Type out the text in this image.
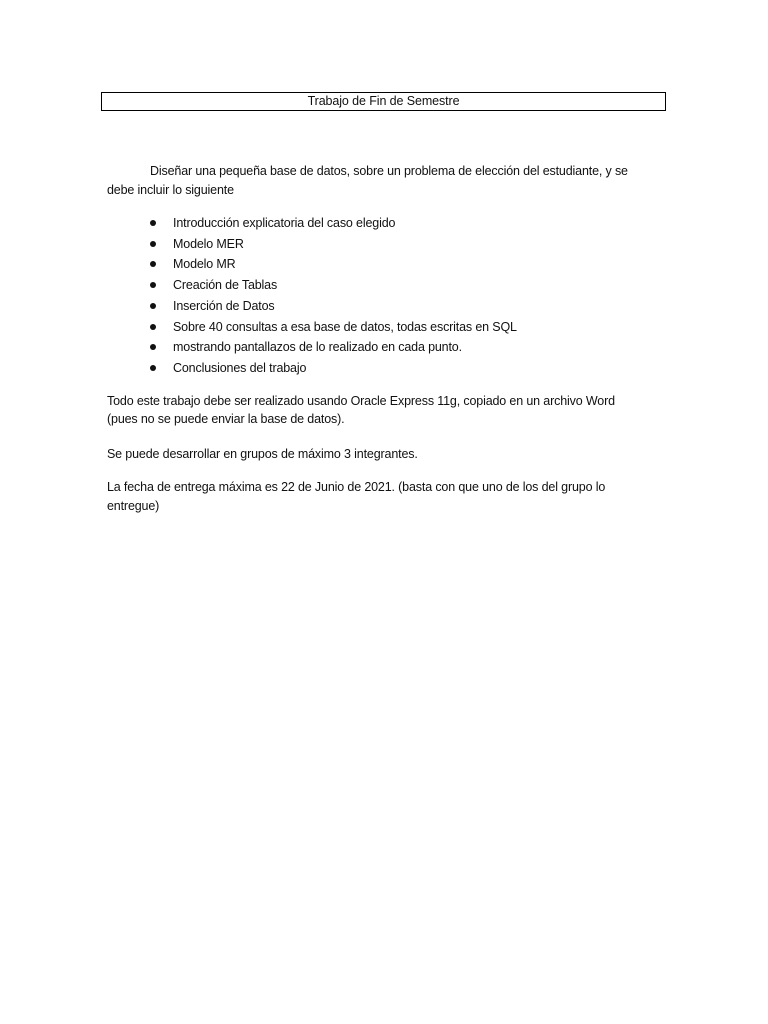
Trabajo de Fin de Semestre
Diseñar una pequeña base de datos, sobre un problema de elección del estudiante, y se
debe incluir lo siguiente
Introducción explicatoria del caso elegido
Modelo MER
Modelo MR
Creación de Tablas
Inserción de Datos
Sobre 40 consultas a esa base de datos, todas escritas en SQL
mostrando pantallazos de lo realizado en cada punto.
Conclusiones del trabajo
Todo este trabajo debe ser realizado usando Oracle Express 11g, copiado en un archivo Word
(pues no se puede enviar la base de datos).
Se puede desarrollar en grupos de máximo 3 integrantes.
La fecha de entrega máxima es 22 de Junio de 2021. (basta con que uno de los del grupo lo
entregue)
